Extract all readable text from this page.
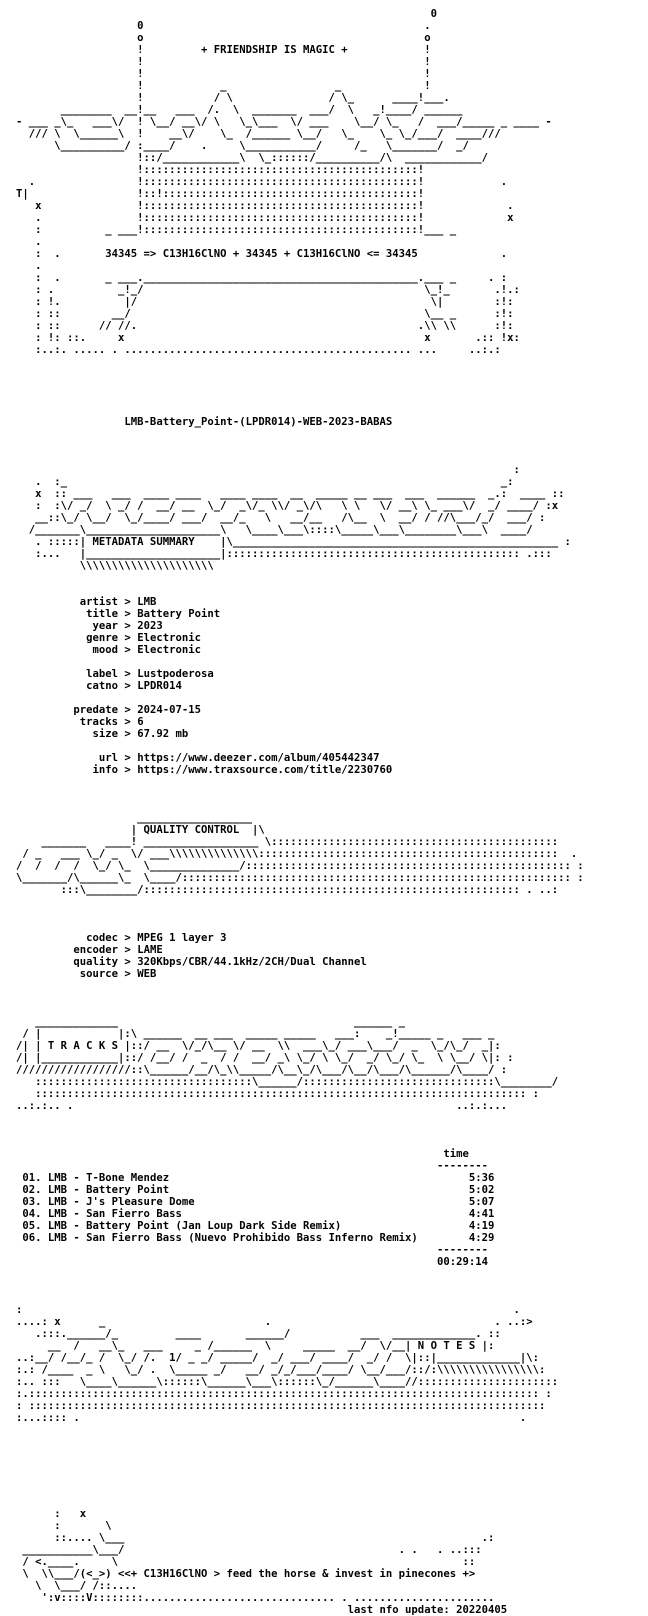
0
0                                            .
o                                            o
!         + FRIENDSHIP IS MAGIC +            !
!                                            !
!                                            !
!            _                 _             !
!           / \               / \_      ____!___.
________  __!__   ___  /.  \  _______  ___/  \   _!____/ ______
- ___ _\_   ___\/  ! \__/ __\/ \   \_\___  \/ ___    \__/ \_   /  ___/_____ _ ____ -
/// \  \______\  !    __\/    \_  /______ \__/   \_    \_ \_/___/  ____///
\__________/ :____/    .     \___________/     /_   \_______/  _/
!::/____________\  \_::::::/__________/\  ____________/
!:::::::::::::::::::::::::::::::::::::::::::!
.                !:::::::::::::::::::::::::::::::::::::::::::!            .
T|                 !::!::::::::::::::::::::::::::::::::::::::::!
x               !:::::::::::::::::::::::::::::::::::::::::::!             .
.               !:::::::::::::::::::::::::::::::::::::::::::!             x
:          _ ___!:::::::::::::::::::::::::::::::::::::::::::!___ _
.
:  .       34345 => C13H16ClNO + 34345 + C13H16ClNO <= 34345             .
.
:  .       _ ___.___________________________________________.___ _     . :
: .          _!_/                                            \_!_       .!.:
: !.          |/                                              \|        :!:
: ::        __/                                              \__ _      :!:
: ::      // //.                                            .\\ \\      :!:
: !: ::.     x                                               x       .:: !x:
:..:. ..... . ............................................. ...     ..:.:
LMB-Battery_Point-(LPDR014)-WEB-2023-BABAS
:
.  :_                                                                    _:
x  :: ___   ___  ____ ____   ____ ____  __  _____ __ ___  ___  ______  _.:  ____ ::
:  :\/ _/  \ _/ /  __/ __  \_/  _\/_ \\/ _\/\   \ \   \/ __\ \_ ___\/  _/ ____/ :x
__::\_/ \__/  \_/____/ ___/  __/_   \   __/__   /\__  \  __/ / //\___/_/  ___/ :
/_______\_____________________\   \____\___\::::\_____\___\________\___\  ____/
. :::::| METADATA SUMMARY    |\___________________________________________________ :
:...   |_____________________|:::::::::::::::::::::::::::::::::::::::::::::: .:::
\\\\\\\\\\\\\\\\\\\\\
artist > LMB
title > Battery Point
year > 2023
genre > Electronic
mood > Electronic
label > Lustpoderosa
catno > LPDR014
predate > 2024-07-15
tracks > 6
size > 67.92 mb
url > https://www.deezer.com/album/405442347
info > https://www.traxsource.com/title/2230760
__________________
| QUALITY CONTROL  |\
_______   ____! __________________ \:::::::::::::::::::::::::::::::::::::::::::::
/ _   ___ \_/ _  \/ ___\\\\\\\\\\\\\\:::::::::::::::::::::::::::::::::::::::::::::::  .
/  /  /  /  \_/ \_  \______________/::::::::::::::::::::::::::::::::::::::::::::::::::: :
\_______/\______\_  \____/::::::::::::::::::::::::::::::::::::::::::::::::::::::::::::: :
:::\________/::::::::::::::::::::::::::::::::::::::::::::::::::::::::::: . ..:
codec > MPEG 1 layer 3
encoder > LAME
quality > 320Kbps/CBR/44.1kHz/2CH/Dual Channel
source > WEB
_____________                                     ______ _
/ |            |:\ ______  __ ___  _____ _____   ___:    _!_____ _   ___ _
/| | T R A C K S |::/ __  \/_/\__ \/ __  \\  ___\_/ ___\___/  _  \_/\_/  _|:
/| |____________|::/ /__/ /  _  / /  __/ _\ \_/ \ \_/  _/ \_/ \_  \ \__/ \|: :
//////////////////::\______/__/\_\\_____/\__\_/\___/\__/\___/\______/\____/ :
::::::::::::::::::::::::::::::::::\______/::::::::::::::::::::::::::::::\________/
::::::::::::::::::::::::::::::::::::::::::::::::::::::::::::::::::::::::::::: :
..:.:.. .                                                            ..:.:...
time
--------
01. LMB - T-Bone Mendez                                               5:36
02. LMB - Battery Point                                               5:02
03. LMB - J's Pleasure Dome                                           5:07
04. LMB - San Fierro Bass                                             4:41
05. LMB - Battery Point (Jan Loup Dark Side Remix)                    4:19
06. LMB - San Fierro Bass (Nuevo Prohibido Bass Inferno Remix)        4:29
--------
00:29:14
:                                                                             .
....: x      _                         .                                   . ..:>
.:::.______/_         ____       ______/           ___  _____________. ::
__  /   __\_   ___     _ /______  \     _____  __/  \/__| N O T E S |:
..:__/ /__/_ /  \_/ /.  1/ _ _/ _____/  _/ ___/ ____/  _/ /  \|::|_____________|\:
:.: /____  _ \   \_/ .  \_____ _/   __/ _/_/___/____/ \__/___/::/:\\\\\\\\\\\\\\\\:
:.. :::   \____\______\::::::\______\___\::::::\_/______\____//::::::::::::::::::::::
:.:::::::::::::::::::::::::::::::::::::::::::::::::::::::::::::::::::::::::::::::: :
: :::::::::::::::::::::::::::::::::::::::::::::::::::::::::::::::::::::::::::::::::
:...:::: .                                                                     .
:   x
:       \
::.... \___                                                        .:
___________\___/                                           . .   . ..:::
/ <.____.     \                                                      ::
\  \\___/(<_>) <<+ C13H16ClNO > feed the horse & invest in pinecones +>
\  \___/ /::....
':v::::V::::::::.............................. . ......................
last nfo update: 20220405
